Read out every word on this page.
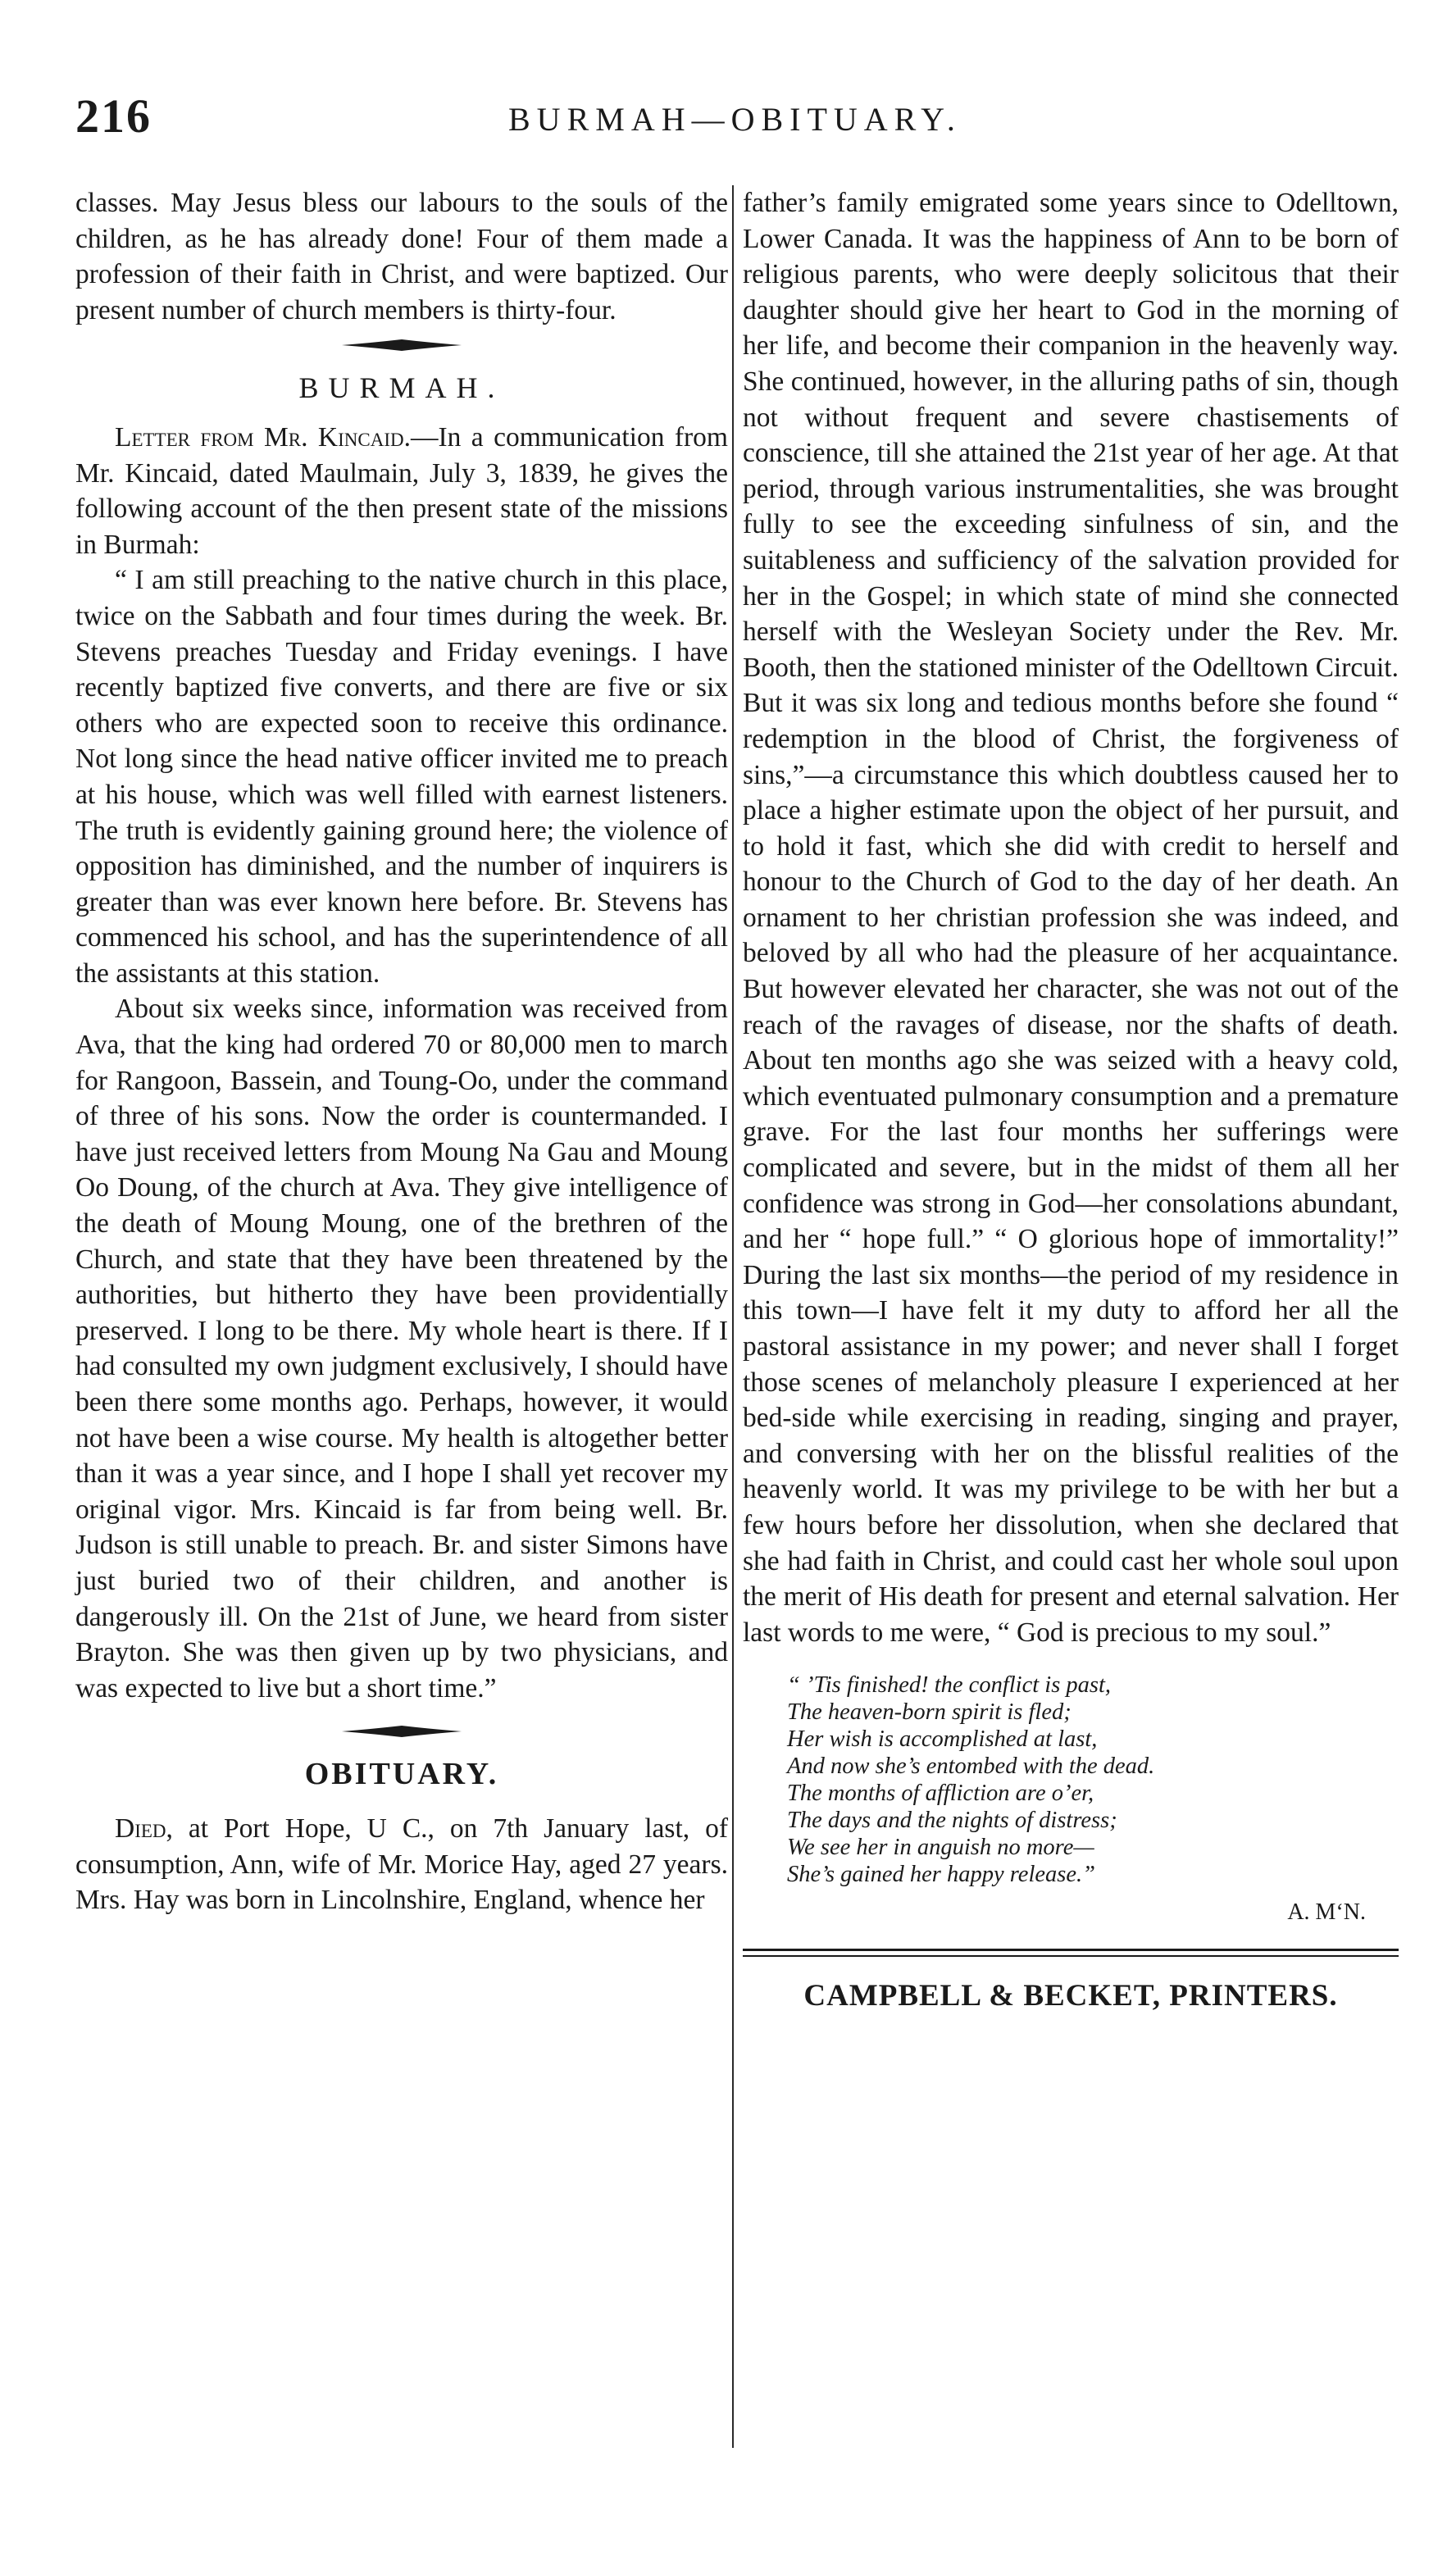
216	BURMAH—OBITUARY.

classes. May Jesus bless our labours to the souls of the children, as he has already done! Four of them made a profession of their faith in Christ, and were baptized. Our present number of church members is thirty-four.

BURMAH.

Letter from Mr. Kincaid.—In a communication from Mr. Kincaid, dated Maulmain, July 3, 1839, he gives the following account of the then present state of the missions in Burmah:

“ I am still preaching to the native church in this place, twice on the Sabbath and four times during the week. Br. Stevens preaches Tuesday and Friday evenings. I have recently baptized five converts, and there are five or six others who are expected soon to receive this ordinance. Not long since the head native officer invited me to preach at his house, which was well filled with earnest listeners. The truth is evidently gaining ground here; the violence of opposition has diminished, and the number of inquirers is greater than was ever known here before. Br. Stevens has commenced his school, and has the superintendence of all the assistants at this station.

About six weeks since, information was received from Ava, that the king had ordered 70 or 80,000 men to march for Rangoon, Bassein, and Toung-Oo, under the command of three of his sons. Now the order is countermanded. I have just received letters from Moung Na Gau and Moung Oo Doung, of the church at Ava. They give intelligence of the death of Moung Moung, one of the brethren of the Church, and state that they have been threatened by the authorities, but hitherto they have been providentially preserved. I long to be there. My whole heart is there. If I had consulted my own judgment exclusively, I should have been there some months ago. Perhaps, however, it would not have been a wise course. My health is altogether better than it was a year since, and I hope I shall yet recover my original vigor. Mrs. Kincaid is far from being well. Br. Judson is still unable to preach. Br. and sister Simons have just buried two of their children, and another is dangerously ill. On the 21st of June, we heard from sister Brayton. She was then given up by two physicians, and was expected to live but a short time.”

OBITUARY.

Died, at Port Hope, U C., on 7th January last, of consumption, Ann, wife of Mr. Morice Hay, aged 27 years. Mrs. Hay was born in Lincolnshire, England, whence her

father’s family emigrated some years since to Odelltown, Lower Canada. It was the happiness of Ann to be born of religious parents, who were deeply solicitous that their daughter should give her heart to God in the morning of her life, and become their companion in the heavenly way. She continued, however, in the alluring paths of sin, though not without frequent and severe chastisements of conscience, till she attained the 21st year of her age. At that period, through various instrumentalities, she was brought fully to see the exceeding sinfulness of sin, and the suitableness and sufficiency of the salvation provided for her in the Gospel; in which state of mind she connected herself with the Wesleyan Society under the Rev. Mr. Booth, then the stationed minister of the Odelltown Circuit. But it was six long and tedious months before she found “ redemption in the blood of Christ, the forgiveness of sins,”—a circumstance this which doubtless caused her to place a higher estimate upon the object of her pursuit, and to hold it fast, which she did with credit to herself and honour to the Church of God to the day of her death. An ornament to her christian profession she was indeed, and beloved by all who had the pleasure of her acquaintance. But however elevated her character, she was not out of the reach of the ravages of disease, nor the shafts of death. About ten months ago she was seized with a heavy cold, which eventuated pulmonary consumption and a premature grave. For the last four months her sufferings were complicated and severe, but in the midst of them all her confidence was strong in God—her consolations abundant, and her “ hope full.” “ O glorious hope of immortality!” During the last six months—the period of my residence in this town—I have felt it my duty to afford her all the pastoral assistance in my power; and never shall I forget those scenes of melancholy pleasure I experienced at her bed-side while exercising in reading, singing and prayer, and conversing with her on the blissful realities of the heavenly world. It was my privilege to be with her but a few hours before her dissolution, when she declared that she had faith in Christ, and could cast her whole soul upon the merit of His death for present and eternal salvation. Her last words to me were, “ God is precious to my soul.”

“ ’Tis finished! the conflict is past,
The heaven-born spirit is fled;
Her wish is accomplished at last,
And now she’s entombed with the dead.
The months of affliction are o’er,
The days and the nights of distress;
We see her in anguish no more—
She’s gained her happy release.”
A. M‘N.
CAMPBELL & BECKET, PRINTERS.
